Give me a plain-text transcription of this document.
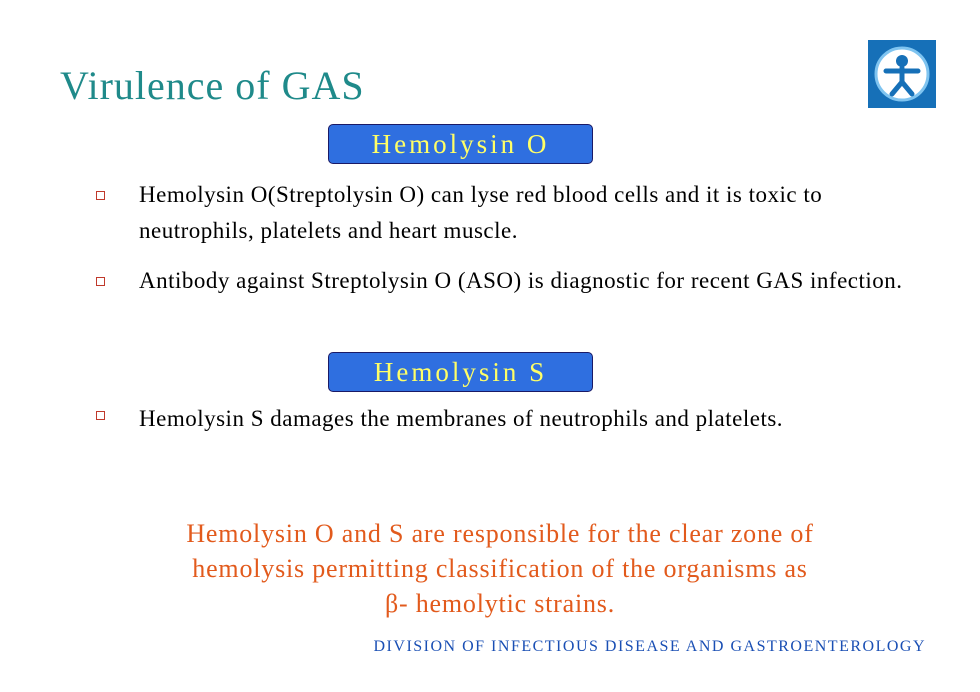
Virulence of GAS
Hemolysin O
Hemolysin O(Streptolysin O) can lyse red blood cells and it is toxic to neutrophils, platelets and heart muscle.
Antibody against Streptolysin O (ASO) is diagnostic for recent GAS infection.
Hemolysin S
Hemolysin S damages the membranes of neutrophils and platelets.
Hemolysin O and S are responsible for the clear zone of
hemolysis permitting classification of the organisms as
β- hemolytic strains.
DIVISION OF INFECTIOUS DISEASE AND GASTROENTEROLOGY
